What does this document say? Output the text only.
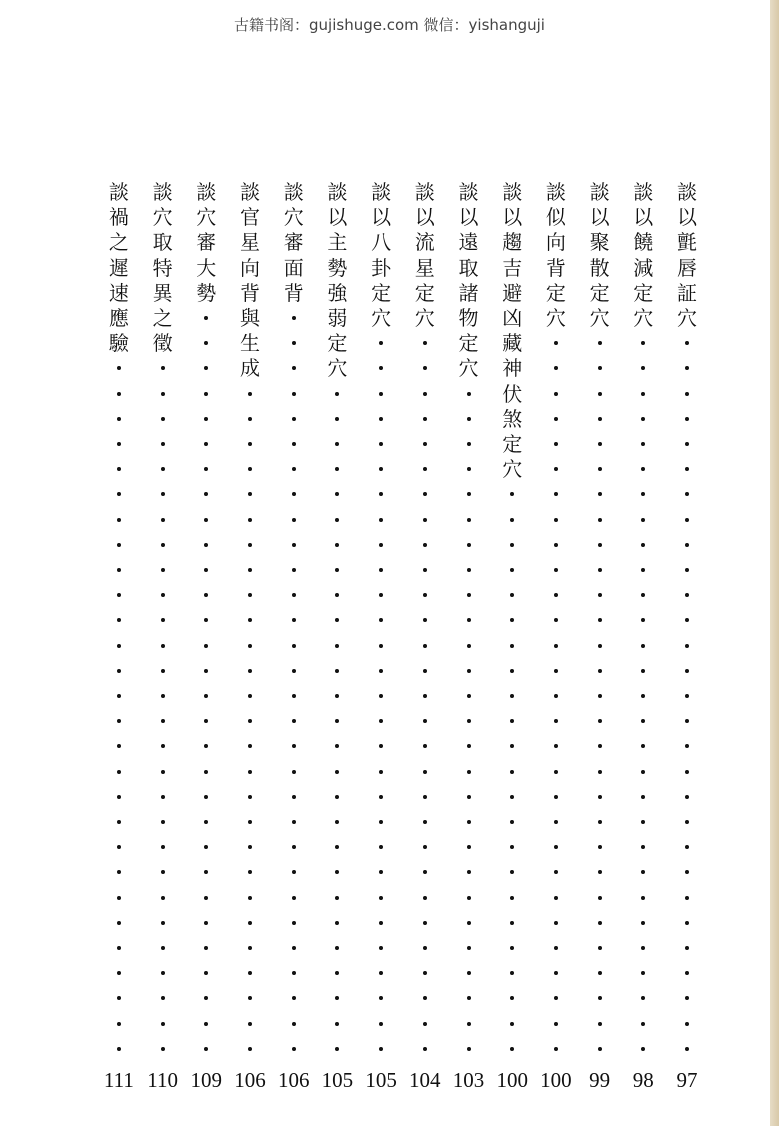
古籍书阁：gujishuge.com 微信：yishanguji
談
以
氈
唇
証
穴
97
談
以
饒
減
定
穴
98
談
以
聚
散
定
穴
99
談
似
向
背
定
穴
100
談
以
趨
吉
避
凶
藏
神
伏
煞
定
穴
100
談
以
遠
取
諸
物
定
穴
103
談
以
流
星
定
穴
104
談
以
八
卦
定
穴
105
談
以
主
勢
強
弱
定
穴
105
談
穴
審
面
背
106
談
官
星
向
背
與
生
成
106
談
穴
審
大
勢
109
談
穴
取
特
異
之
徵
110
談
禍
之
遲
速
應
驗
111
